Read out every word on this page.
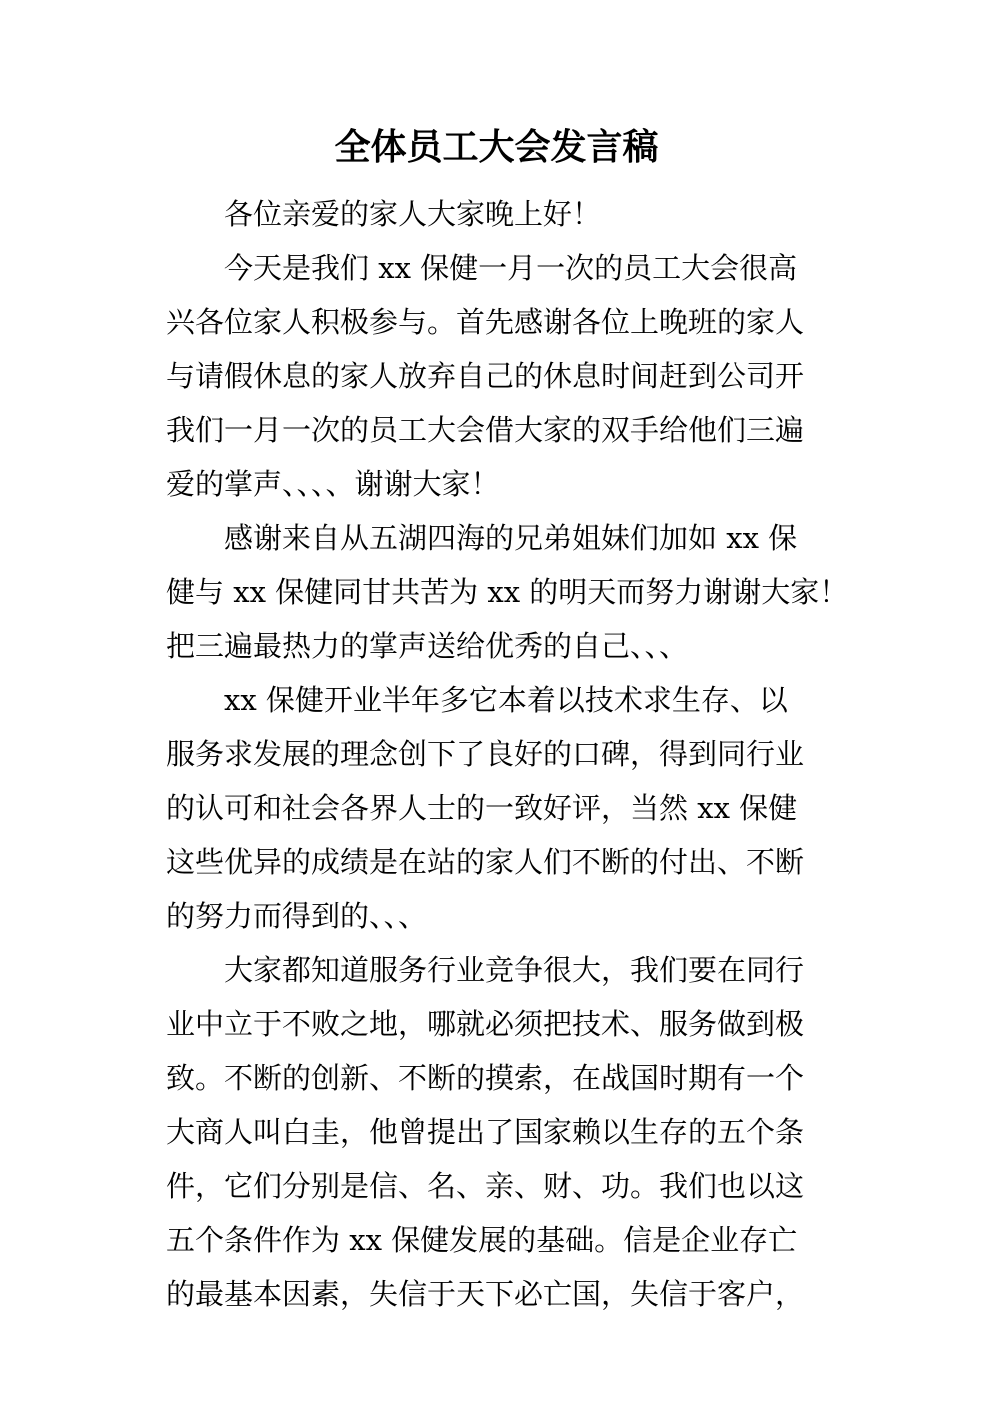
全体员工大会发言稿

各位亲爱的家人大家晚上好！

今天是我们 xx 保健一月一次的员工大会很高

兴各位家人积极参与。首先感谢各位上晚班的家人

与请假休息的家人放弃自己的休息时间赶到公司开

我们一月一次的员工大会借大家的双手给他们三遍

爱的掌声、、、、谢谢大家！

感谢来自从五湖四海的兄弟姐妹们加如 xx 保

健与 xx 保健同甘共苦为 xx 的明天而努力谢谢大家！

把三遍最热力的掌声送给优秀的自己、、、

xx 保健开业半年多它本着以技术求生存、以

服务求发展的理念创下了良好的口碑，得到同行业

的认可和社会各界人士的一致好评，当然 xx 保健

这些优异的成绩是在站的家人们不断的付出、不断

的努力而得到的、、、

大家都知道服务行业竞争很大，我们要在同行

业中立于不败之地，哪就必须把技术、服务做到极

致。不断的创新、不断的摸索，在战国时期有一个

大商人叫白圭，他曾提出了国家赖以生存的五个条

件，它们分别是信、名、亲、财、功。我们也以这

五个条件作为 xx 保健发展的基础。信是企业存亡

的最基本因素，失信于天下必亡国，失信于客户，
